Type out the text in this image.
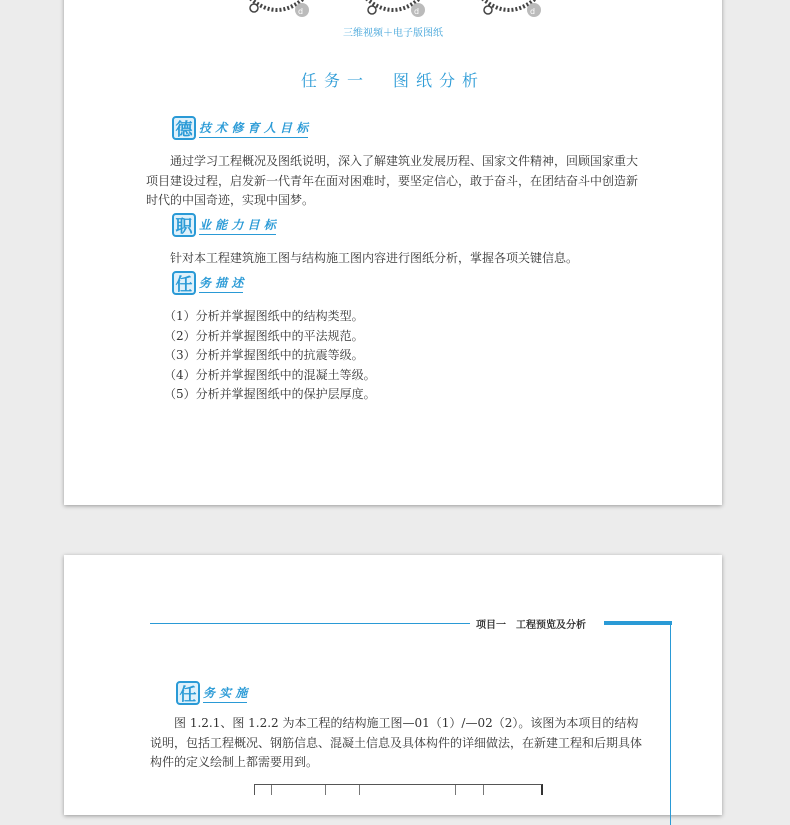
d	d	d
三维视频＋电子版图纸
任务一　图纸分析
德 技 术 修 育 人 目 标
通过学习工程概况及图纸说明，深入了解建筑业发展历程、国家文件精神，回顾国家重大项目建设过程，启发新一代青年在面对困难时，要坚定信心，敢于奋斗，在团结奋斗中创造新时代的中国奇迹，实现中国梦。
职 业 能 力 目 标
针对本工程建筑施工图与结构施工图内容进行图纸分析，掌握各项关键信息。
任 务 描 述
（1）分析并掌握图纸中的结构类型。
（2）分析并掌握图纸中的平法规范。
（3）分析并掌握图纸中的抗震等级。
（4）分析并掌握图纸中的混凝土等级。
（5）分析并掌握图纸中的保护层厚度。
项目一　工程预览及分析
任 务 实 施
图 1.2.1、图 1.2.2 为本工程的结构施工图—01（1）/—02（2）。该图为本项目的结构说明，包括工程概况、钢筋信息、混凝土信息及具体构件的详细做法，在新建工程和后期具体构件的定义绘制上都需要用到。
